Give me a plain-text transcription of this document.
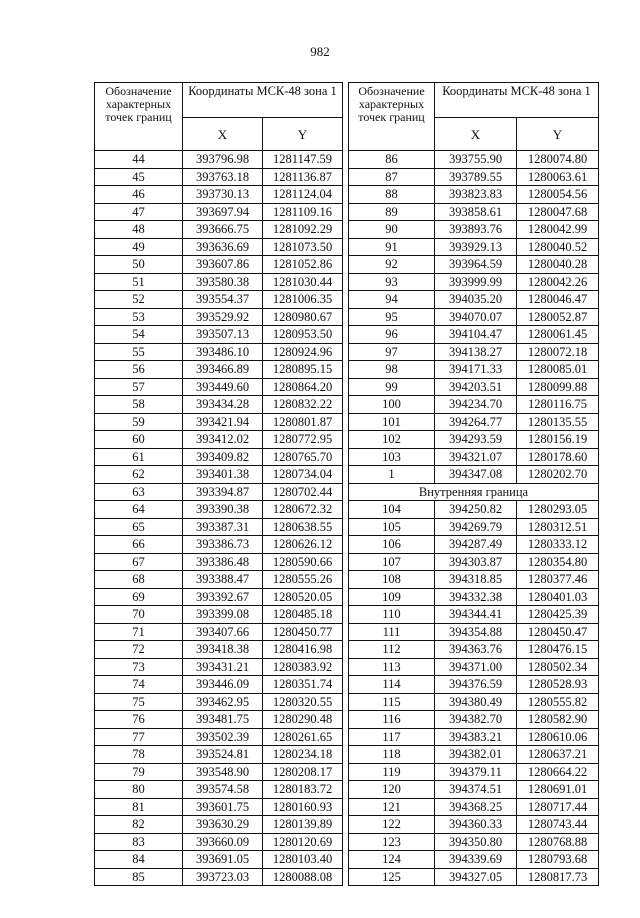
982
Обозначение характерных точек границ	Координаты МСК-48 зона 1			Обозначение характерных точек границ	Координаты МСК-48 зона 1	
	X	Y			X	Y
44	393796.98	1281147.59		86	393755.90	1280074.80
45	393763.18	1281136.87		87	393789.55	1280063.61
46	393730.13	1281124.04		88	393823.83	1280054.56
47	393697.94	1281109.16		89	393858.61	1280047.68
48	393666.75	1281092.29		90	393893.76	1280042.99
49	393636.69	1281073.50		91	393929.13	1280040.52
50	393607.86	1281052.86		92	393964.59	1280040.28
51	393580.38	1281030.44		93	393999.99	1280042.26
52	393554.37	1281006.35		94	394035.20	1280046.47
53	393529.92	1280980.67		95	394070.07	1280052.87
54	393507.13	1280953.50		96	394104.47	1280061.45
55	393486.10	1280924.96		97	394138.27	1280072.18
56	393466.89	1280895.15		98	394171.33	1280085.01
57	393449.60	1280864.20		99	394203.51	1280099.88
58	393434.28	1280832.22		100	394234.70	1280116.75
59	393421.94	1280801.87		101	394264.77	1280135.55
60	393412.02	1280772.95		102	394293.59	1280156.19
61	393409.82	1280765.70		103	394321.07	1280178.60
62	393401.38	1280734.04		1	394347.08	1280202.70
63	393394.87	1280702.44		Внутренняя граница		
64	393390.38	1280672.32		104	394250.82	1280293.05
65	393387.31	1280638.55		105	394269.79	1280312.51
66	393386.73	1280626.12		106	394287.49	1280333.12
67	393386.48	1280590.66		107	394303.87	1280354.80
68	393388.47	1280555.26		108	394318.85	1280377.46
69	393392.67	1280520.05		109	394332.38	1280401.03
70	393399.08	1280485.18		110	394344.41	1280425.39
71	393407.66	1280450.77		111	394354.88	1280450.47
72	393418.38	1280416.98		112	394363.76	1280476.15
73	393431.21	1280383.92		113	394371.00	1280502.34
74	393446.09	1280351.74		114	394376.59	1280528.93
75	393462.95	1280320.55		115	394380.49	1280555.82
76	393481.75	1280290.48		116	394382.70	1280582.90
77	393502.39	1280261.65		117	394383.21	1280610.06
78	393524.81	1280234.18		118	394382.01	1280637.21
79	393548.90	1280208.17		119	394379.11	1280664.22
80	393574.58	1280183.72		120	394374.51	1280691.01
81	393601.75	1280160.93		121	394368.25	1280717.44
82	393630.29	1280139.89		122	394360.33	1280743.44
83	393660.09	1280120.69		123	394350.80	1280768.88
84	393691.05	1280103.40		124	394339.69	1280793.68
85	393723.03	1280088.08		125	394327.05	1280817.73
